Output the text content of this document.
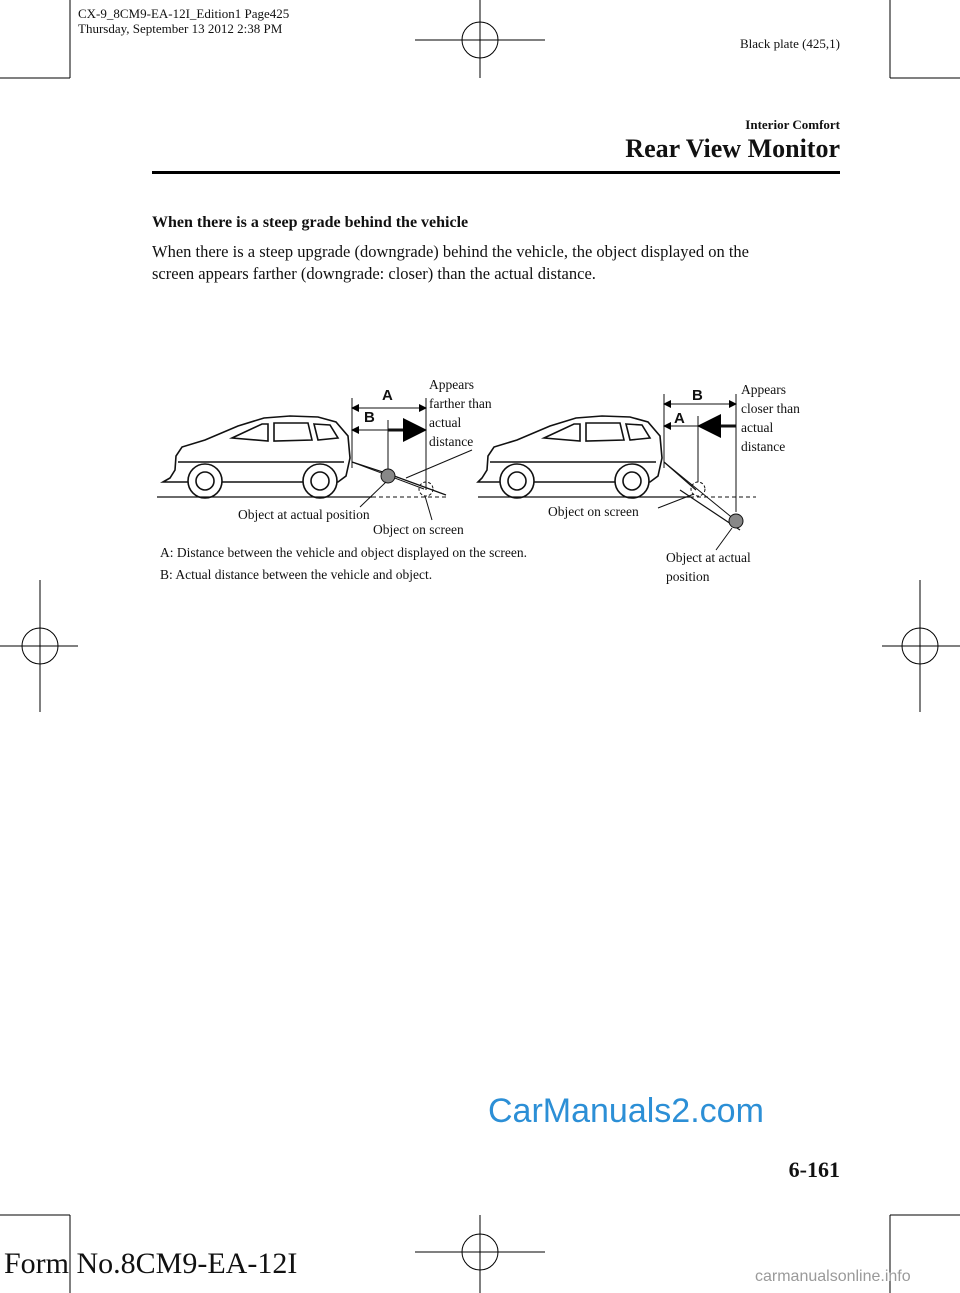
CX-9_8CM9-EA-12I_Edition1 Page425
Thursday, September 13 2012 2:38 PM
Black plate (425,1)
Interior Comfort
Rear View Monitor
When there is a steep grade behind the vehicle
When there is a steep upgrade (downgrade) behind the vehicle, the object displayed on the
screen appears farther (downgrade: closer) than the actual distance.
A
B
Appears
farther than
actual
distance
Object at actual position
Object on screen
B
A
Appears
closer than
actual
distance
Object on screen
Object at actual
position
A: Distance between the vehicle and object displayed on the screen.
B: Actual distance between the vehicle and object.
CarManuals2.com
6-161
Form No.8CM9-EA-12I	carmanualsonline.info
